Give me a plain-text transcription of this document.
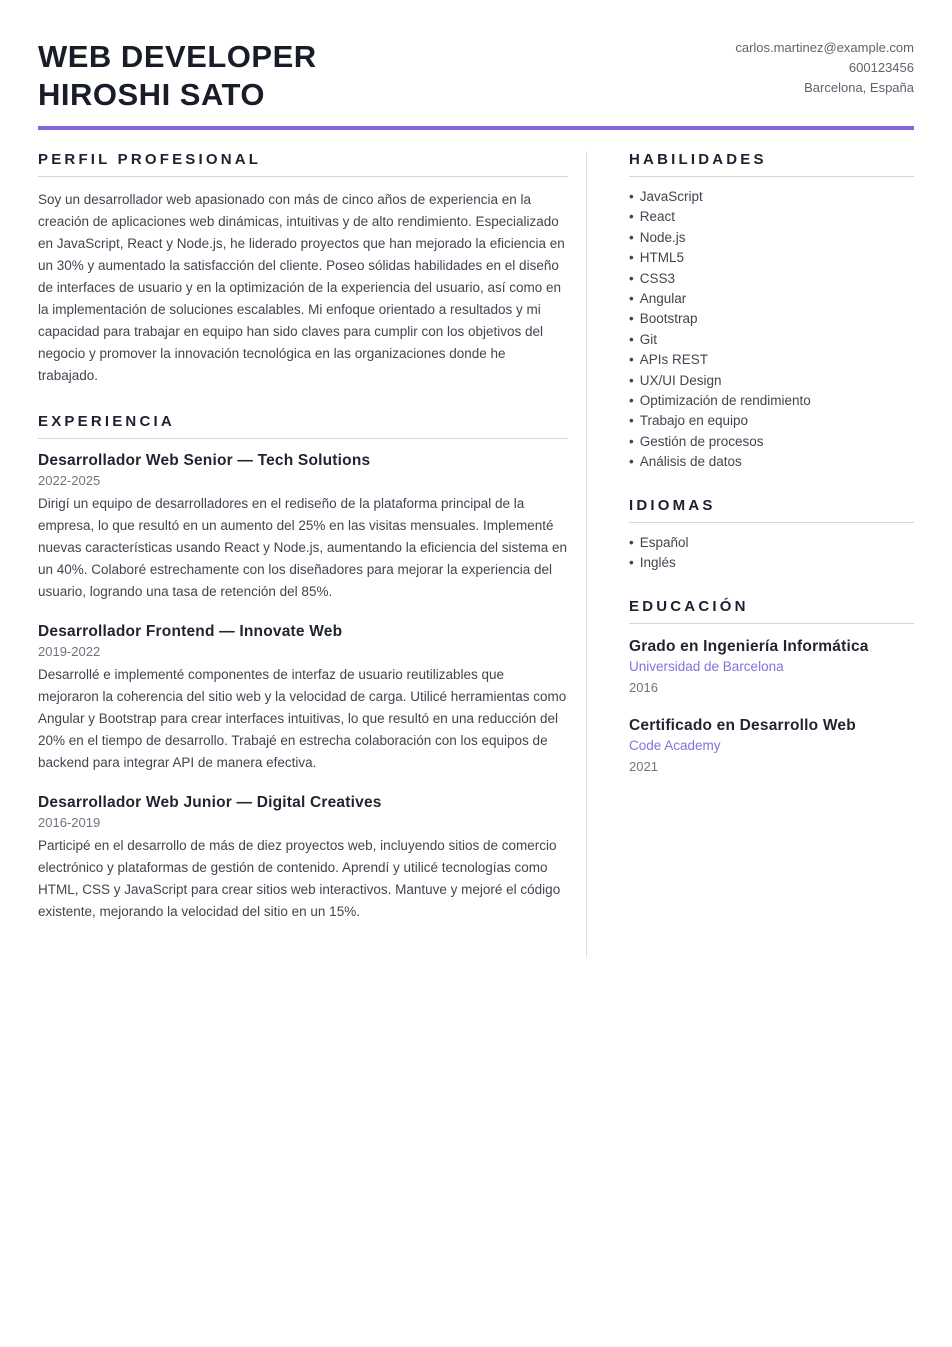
WEB DEVELOPER
HIROSHI SATO
carlos.martinez@example.com
600123456
Barcelona, España
PERFIL PROFESIONAL

Soy un desarrollador web apasionado con más de cinco años de experiencia en la creación de aplicaciones web dinámicas, intuitivas y de alto rendimiento. Especializado en JavaScript, React y Node.js, he liderado proyectos que han mejorado la eficiencia en un 30% y aumentado la satisfacción del cliente. Poseo sólidas habilidades en el diseño de interfaces de usuario y en la optimización de la experiencia del usuario, así como en la implementación de soluciones escalables. Mi enfoque orientado a resultados y mi capacidad para trabajar en equipo han sido claves para cumplir con los objetivos del negocio y promover la innovación tecnológica en las organizaciones donde he trabajado.

EXPERIENCIA
Desarrollador Web Senior — Tech Solutions
2022-2025

Dirigí un equipo de desarrolladores en el rediseño de la plataforma principal de la empresa, lo que resultó en un aumento del 25% en las visitas mensuales. Implementé nuevas características usando React y Node.js, aumentando la eficiencia del sistema en un 40%. Colaboré estrechamente con los diseñadores para mejorar la experiencia del usuario, logrando una tasa de retención del 85%.

Desarrollador Frontend — Innovate Web
2019-2022

Desarrollé e implementé componentes de interfaz de usuario reutilizables que mejoraron la coherencia del sitio web y la velocidad de carga. Utilicé herramientas como Angular y Bootstrap para crear interfaces intuitivas, lo que resultó en una reducción del 20% en el tiempo de desarrollo. Trabajé en estrecha colaboración con los equipos de backend para integrar API de manera efectiva.

Desarrollador Web Junior — Digital Creatives
2016-2019

Participé en el desarrollo de más de diez proyectos web, incluyendo sitios de comercio electrónico y plataformas de gestión de contenido. Aprendí y utilicé tecnologías como HTML, CSS y JavaScript para crear sitios web interactivos. Mantuve y mejoré el código existente, mejorando la velocidad del sitio en un 15%.

HABILIDADES
• JavaScript
• React
• Node.js
• HTML5
• CSS3
• Angular
• Bootstrap
• Git
• APIs REST
• UX/UI Design
• Optimización de rendimiento
• Trabajo en equipo
• Gestión de procesos
• Análisis de datos
IDIOMAS
• Español
• Inglés
EDUCACIÓN
Grado en Ingeniería Informática
Universidad de Barcelona
2016
Certificado en Desarrollo Web
Code Academy
2021
